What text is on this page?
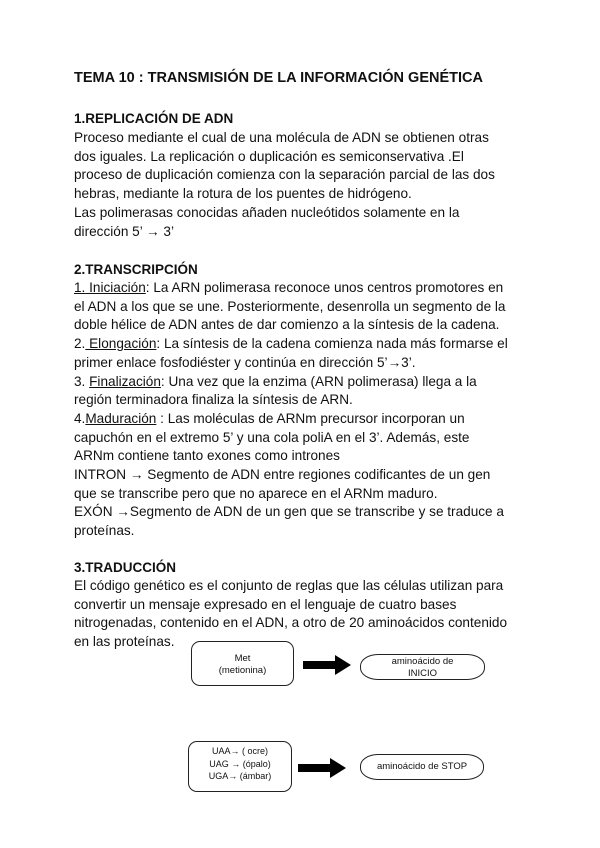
TEMA 10 : TRANSMISIÓN DE LA INFORMACIÓN GENÉTICA
1.REPLICACIÓN DE ADN
Proceso mediante el cual de una molécula de ADN se obtienen otras
dos iguales. La replicación o duplicación es semiconservativa .El
proceso de duplicación comienza con la separación parcial de las dos
hebras, mediante la rotura de los puentes de hidrógeno.
Las polimerasas conocidas añaden nucleótidos solamente en la
dirección 5’ → 3’
2.TRANSCRIPCIÓN
1. Iniciación: La ARN polimerasa reconoce unos centros promotores en
el ADN a los que se une. Posteriormente, desenrolla un segmento de la
doble hélice de ADN antes de dar comienzo a la síntesis de la cadena.
2. Elongación: La síntesis de la cadena comienza nada más formarse el
primer enlace fosfodiéster y continúa en dirección 5’→3’.
3. Finalización: Una vez que la enzima (ARN polimerasa) llega a la
región terminadora finaliza la síntesis de ARN.
4.Maduración : Las moléculas de ARNm precursor incorporan un
capuchón en el extremo 5’ y una cola poliA en el 3’. Además, este
ARNm contiene tanto exones como intrones
INTRON → Segmento de ADN entre regiones codificantes de un gen
que se transcribe pero que no aparece en el ARNm maduro.
EXÓN →Segmento de ADN de un gen que se transcribe y se traduce a
proteínas.
3.TRADUCCIÓN
El código genético es el conjunto de reglas que las células utilizan para
convertir un mensaje expresado en el lenguaje de cuatro bases
nitrogenadas, contenido en el ADN, a otro de 20 aminoácidos contenido
en las proteínas.
Met
(metionina)
aminoácido de
INICIO
UAA→ ( ocre)
UAG → (ópalo)
UGA→ (ámbar)
aminoácido de STOP
